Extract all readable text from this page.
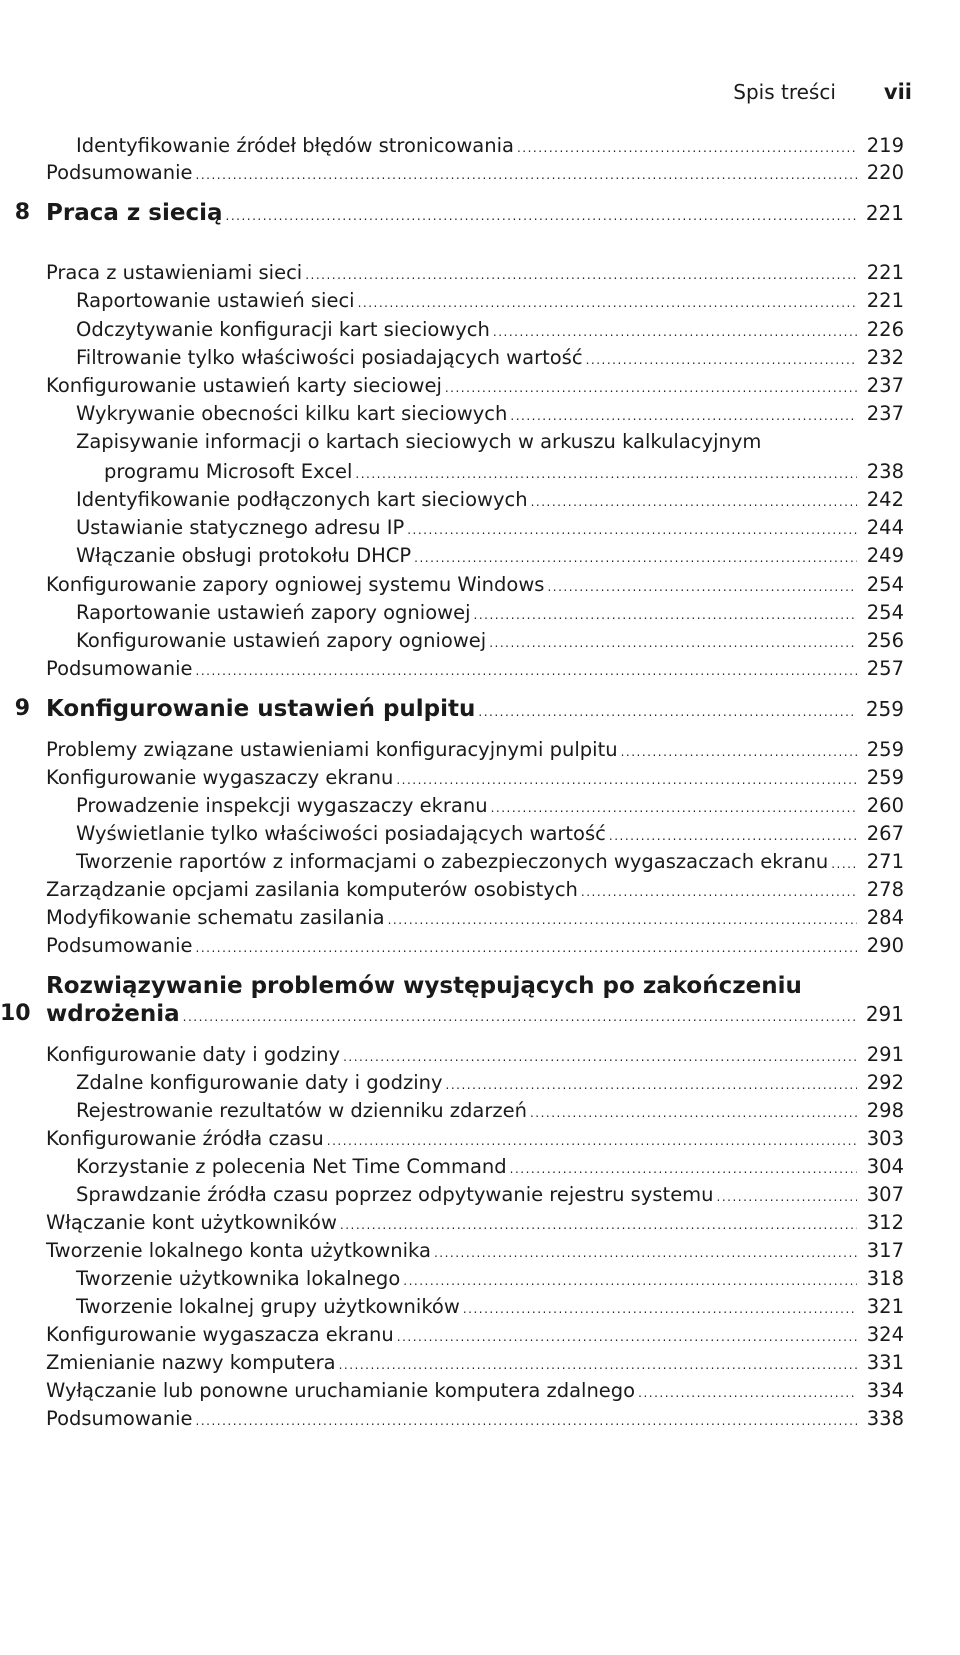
Spis treści vii
Identyfikowanie źródeł błędów stronicowania .....	219
Podsumowanie .....	220
8 Praca z siecią .....	221
Praca z ustawieniami sieci .....	221
Raportowanie ustawień sieci .....	221
Odczytywanie konfiguracji kart sieciowych .....	226
Filtrowanie tylko właściwości posiadających wartość .....	232
Konfigurowanie ustawień karty sieciowej .....	237
Wykrywanie obecności kilku kart sieciowych .....	237
Zapisywanie informacji o kartach sieciowych w arkuszu kalkulacyjnym
programu Microsoft Excel .....	238
Identyfikowanie podłączonych kart sieciowych .....	242
Ustawianie statycznego adresu IP .....	244
Włączanie obsługi protokołu DHCP .....	249
Konfigurowanie zapory ogniowej systemu Windows .....	254
Raportowanie ustawień zapory ogniowej .....	254
Konfigurowanie ustawień zapory ogniowej .....	256
Podsumowanie .....	257
9 Konfigurowanie ustawień pulpitu .....	259
Problemy związane ustawieniami konfiguracyjnymi pulpitu .....	259
Konfigurowanie wygaszaczy ekranu .....	259
Prowadzenie inspekcji wygaszaczy ekranu .....	260
Wyświetlanie tylko właściwości posiadających wartość .....	267
Tworzenie raportów z informacjami o zabezpieczonych wygaszaczach ekranu .....	271
Zarządzanie opcjami zasilania komputerów osobistych .....	278
Modyfikowanie schematu zasilania .....	284
Podsumowanie .....	290
10
Rozwiązywanie problemów występujących po zakończeniu
wdrożenia .....	291
Konfigurowanie daty i godziny .....	291
Zdalne konfigurowanie daty i godziny .....	292
Rejestrowanie rezultatów w dzienniku zdarzeń .....	298
Konfigurowanie źródła czasu .....	303
Korzystanie z polecenia Net Time Command .....	304
Sprawdzanie źródła czasu poprzez odpytywanie rejestru systemu .....	307
Włączanie kont użytkowników .....	312
Tworzenie lokalnego konta użytkownika .....	317
Tworzenie użytkownika lokalnego .....	318
Tworzenie lokalnej grupy użytkowników .....	321
Konfigurowanie wygaszacza ekranu .....	324
Zmienianie nazwy komputera .....	331
Wyłączanie lub ponowne uruchamianie komputera zdalnego .....	334
Podsumowanie .....	338
